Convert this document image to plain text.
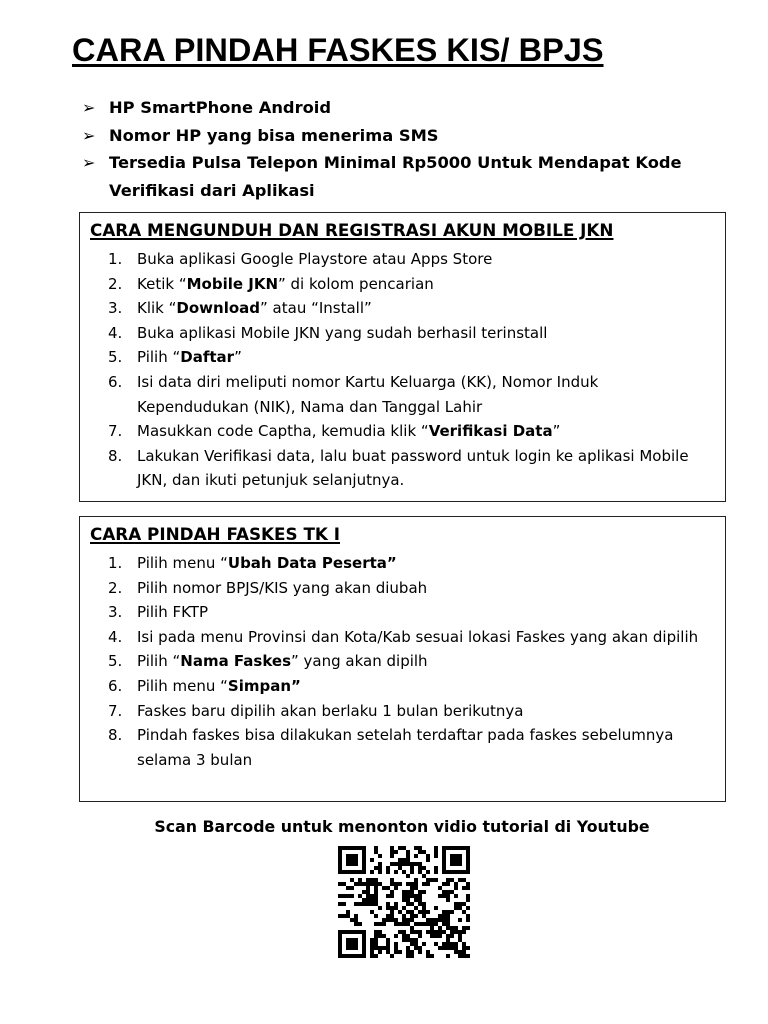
CARA PINDAH FASKES KIS/ BPJS
➢ HP SmartPhone Android
➢ Nomor HP yang bisa menerima SMS
➢ Tersedia Pulsa Telepon Minimal Rp5000 Untuk Mendapat Kode Verifikasi dari Aplikasi
CARA MENGUNDUH DAN REGISTRASI AKUN MOBILE JKN
1. Buka aplikasi Google Playstore atau Apps Store
2. Ketik “Mobile JKN” di kolom pencarian
3. Klik “Download” atau “Install”
4. Buka aplikasi Mobile JKN yang sudah berhasil terinstall
5. Pilih “Daftar”
6. Isi data diri meliputi nomor Kartu Keluarga (KK), Nomor Induk Kependudukan (NIK), Nama dan Tanggal Lahir
7. Masukkan code Captha, kemudia klik “Verifikasi Data”
8. Lakukan Verifikasi data, lalu buat password untuk login ke aplikasi Mobile JKN, dan ikuti petunjuk selanjutnya.
CARA PINDAH FASKES TK I
1. Pilih menu “Ubah Data Peserta”
2. Pilih nomor BPJS/KIS yang akan diubah
3. Pilih FKTP
4. Isi pada menu Provinsi dan Kota/Kab sesuai lokasi Faskes yang akan dipilih
5. Pilih “Nama Faskes” yang akan dipilh
6. Pilih menu “Simpan”
7. Faskes baru dipilih akan berlaku 1 bulan berikutnya
8. Pindah faskes bisa dilakukan setelah terdaftar pada faskes sebelumnya selama 3 bulan
Scan Barcode untuk menonton vidio tutorial di Youtube
